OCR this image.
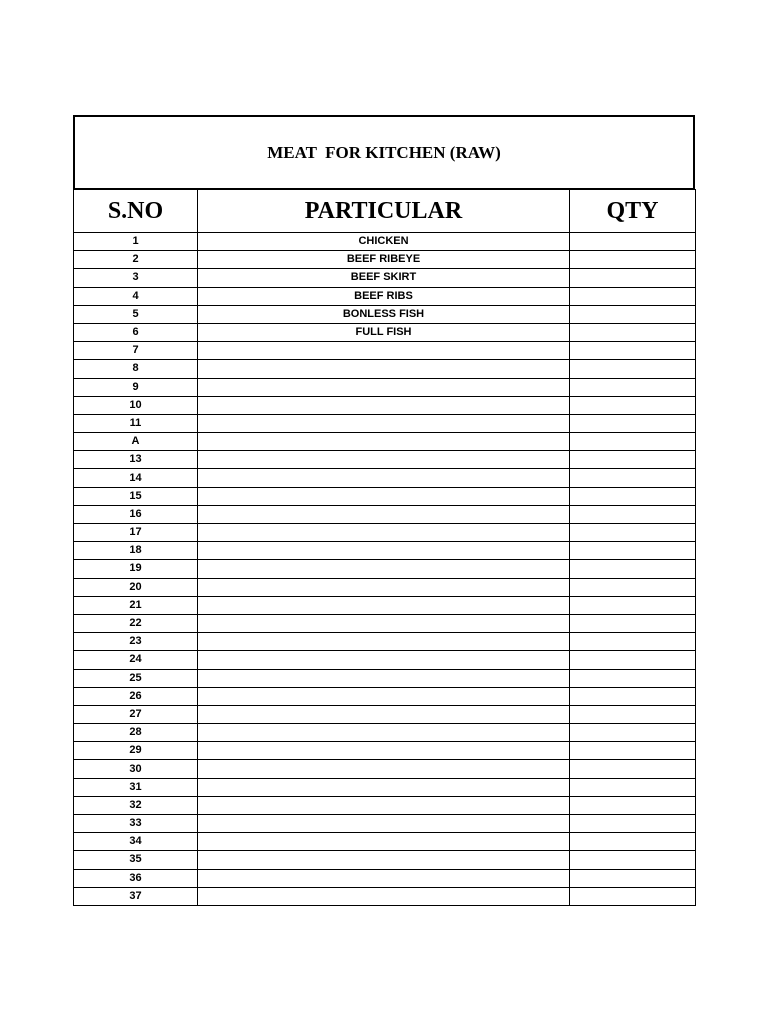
MEAT  FOR KITCHEN (RAW)
S.NO	PARTICULAR	QTY
1	CHICKEN	
2	BEEF RIBEYE	
3	BEEF SKIRT	
4	BEEF RIBS	
5	BONLESS FISH	
6	FULL FISH	
7		
8		
9		
10		
11		
A		
13		
14		
15		
16		
17		
18		
19		
20		
21		
22		
23		
24		
25		
26		
27		
28		
29		
30		
31		
32		
33		
34		
35		
36		
37		
